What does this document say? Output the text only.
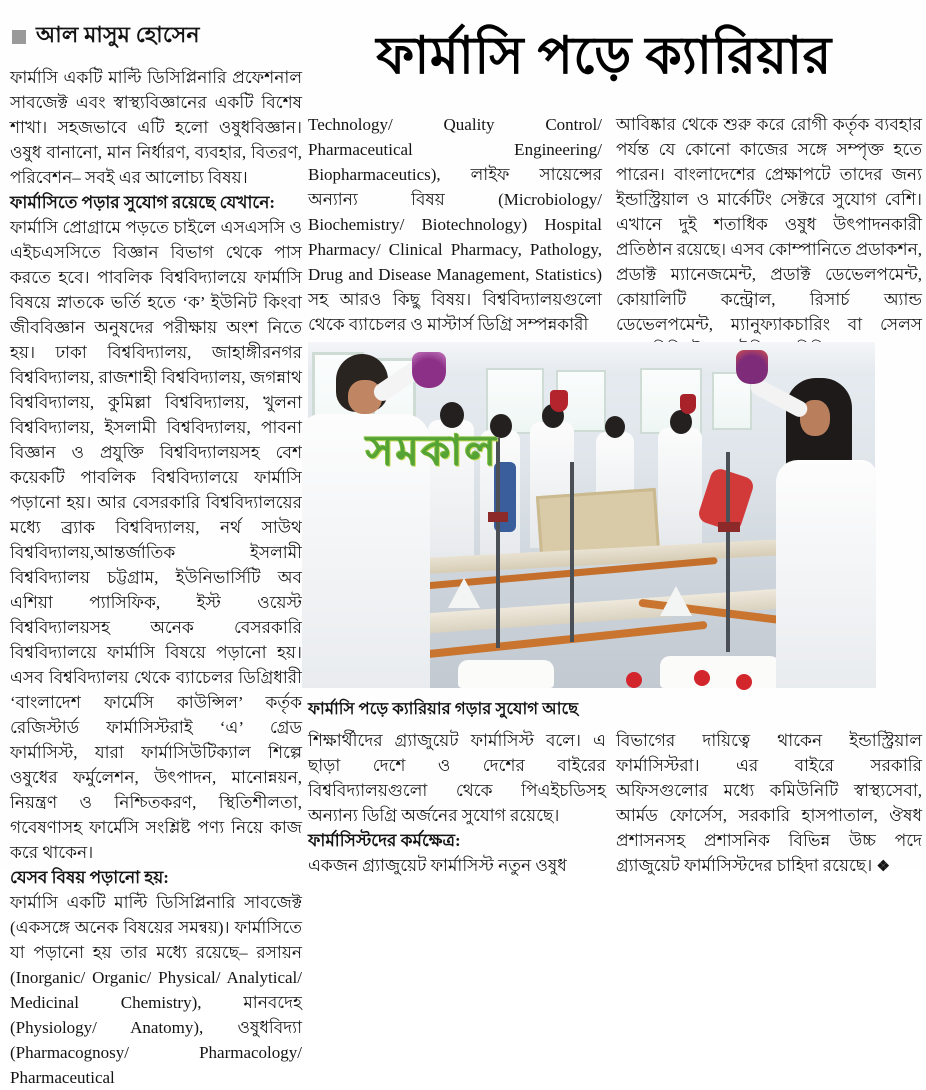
আল মাসুম হোসেন

ফার্মাসি একটি মাল্টি ডিসিপ্লিনারি প্রফেশনাল সাবজেক্ট এবং স্বাস্থ্যবিজ্ঞানের একটি বিশেষ শাখা। সহজভাবে এটি হলো ওষুধবিজ্ঞান। ওষুধ বানানো, মান নির্ধারণ, ব্যবহার, বিতরণ, পরিবেশন– সবই এর আলোচ্য বিষয়।

ফার্মাসিতে পড়ার সুযোগ রয়েছে যেখানে:

ফার্মাসি প্রোগ্রামে পড়তে চাইলে এসএসসি ও এইচএসসিতে বিজ্ঞান বিভাগ থেকে পাস করতে হবে। পাবলিক বিশ্ববিদ্যালয়ে ফার্মাসি বিষয়ে স্নাতকে ভর্তি হতে ‘ক’ ইউনিট কিংবা জীববিজ্ঞান অনুষদের পরীক্ষায় অংশ নিতে হয়। ঢাকা বিশ্ববিদ্যালয়, জাহাঙ্গীরনগর বিশ্ববিদ্যালয়, রাজশাহী বিশ্ববিদ্যালয়, জগন্নাথ বিশ্ববিদ্যালয়, কুমিল্লা বিশ্ববিদ্যালয়, খুলনা বিশ্ববিদ্যালয়, ইসলামী বিশ্ববিদ্যালয়, পাবনা বিজ্ঞান ও প্রযুক্তি বিশ্ববিদ্যালয়সহ বেশ কয়েকটি পাবলিক বিশ্ববিদ্যালয়ে ফার্মাসি পড়ানো হয়। আর বেসরকারি বিশ্ববিদ্যালয়ের মধ্যে ব্র্যাক বিশ্ববিদ্যালয়, নর্থ সাউথ বিশ্ববিদ্যালয়,আন্তর্জাতিক ইসলামী বিশ্ববিদ্যালয় চট্টগ্রাম, ইউনিভার্সিটি অব এশিয়া প্যাসিফিক, ইস্ট ওয়েস্ট বিশ্ববিদ্যালয়সহ অনেক বেসরকারি বিশ্ববিদ্যালয়ে ফার্মাসি বিষয়ে পড়ানো হয়। এসব বিশ্ববিদ্যালয় থেকে ব্যাচেলর ডিগ্রিধারী ‘বাংলাদেশ ফার্মেসি কাউন্সিল’ কর্তৃক রেজিস্টার্ড ফার্মাসিস্টরাই ‘এ’ গ্রেড ফার্মাসিস্ট, যারা ফার্মাসিউটিক্যাল শিল্পে ওষুধের ফর্মুলেশন, উৎপাদন, মানোন্নয়ন, নিয়ন্ত্রণ ও নিশ্চিতকরণ, স্থিতিশীলতা, গবেষণাসহ ফার্মেসি সংশ্লিষ্ট পণ্য নিয়ে কাজ করে থাকেন।

যেসব বিষয় পড়ানো হয়:

ফার্মাসি একটি মাল্টি ডিসিপ্লিনারি সাবজেক্ট (একসঙ্গে অনেক বিষয়ের সমন্বয়)। ফার্মাসিতে যা পড়ানো হয় তার মধ্যে রয়েছে– রসায়ন (Inorganic/ Organic/ Physical/ Analytical/ Medicinal Chemistry), মানবদেহ (Physiology/ Anatomy), ওষুধবিদ্যা (Pharmacognosy/ Pharmacology/ Pharmaceutical

ফার্মাসি পড়ে ক্যারিয়ার

Technology/ Quality Control/ Pharmaceutical Engineering/ Biopharmaceutics), লাইফ সায়েন্সের অন্যান্য বিষয় (Microbiology/ Biochemistry/ Biotechnology) Hospital Pharmacy/ Clinical Pharmacy, Pathology, Drug and Disease Management, Statistics) সহ আরও কিছু বিষয়। বিশ্ববিদ্যালয়গুলো থেকে ব্যাচেলর ও মাস্টার্স ডিগ্রি সম্পন্নকারী

আবিষ্কার থেকে শুরু করে রোগী কর্তৃক ব্যবহার পর্যন্ত যে কোনো কাজের সঙ্গে সম্পৃক্ত হতে পারেন। বাংলাদেশের প্রেক্ষাপটে তাদের জন্য ইন্ডাস্ট্রিয়াল ও মার্কেটিং সেক্টরে সুযোগ বেশি। এখানে দুই শতাধিক ওষুধ উৎপাদনকারী প্রতিষ্ঠান রয়েছে। এসব কোম্পানিতে প্রডাকশন, প্রডাক্ট ম্যানেজমেন্ট, প্রডাক্ট ডেভেলপমেন্ট, কোয়ালিটি কন্ট্রোল, রিসার্চ অ্যান্ড ডেভেলপমেন্ট, ম্যানুফ্যাকচারিং বা সেলস

সমকাল
ফার্মাসি পড়ে ক্যারিয়ার গড়ার সুযোগ আছে

শিক্ষার্থীদের গ্র্যাজুয়েট ফার্মাসিস্ট বলে। এ ছাড়া দেশে ও দেশের বাইরের বিশ্ববিদ্যালয়গুলো থেকে পিএইচডিসহ অন্যান্য ডিগ্রি অর্জনের সুযোগ রয়েছে।

ফার্মাসিস্টদের কর্মক্ষেত্র:

একজন গ্র্যাজুয়েট ফার্মাসিস্ট নতুন ওষুধ

বিভাগের দায়িত্বে থাকেন ইন্ডাস্ট্রিয়াল ফার্মাসিস্টরা। এর বাইরে সরকারি অফিসগুলোর মধ্যে কমিউনিটি স্বাস্থ্যসেবা, আর্মড ফোর্সেস, সরকারি হাসপাতাল, ঔষধ প্রশাসনসহ প্রশাসনিক বিভিন্ন উচ্চ পদে গ্র্যাজুয়েট ফার্মাসিস্টদের চাহিদা রয়েছে। ❖
